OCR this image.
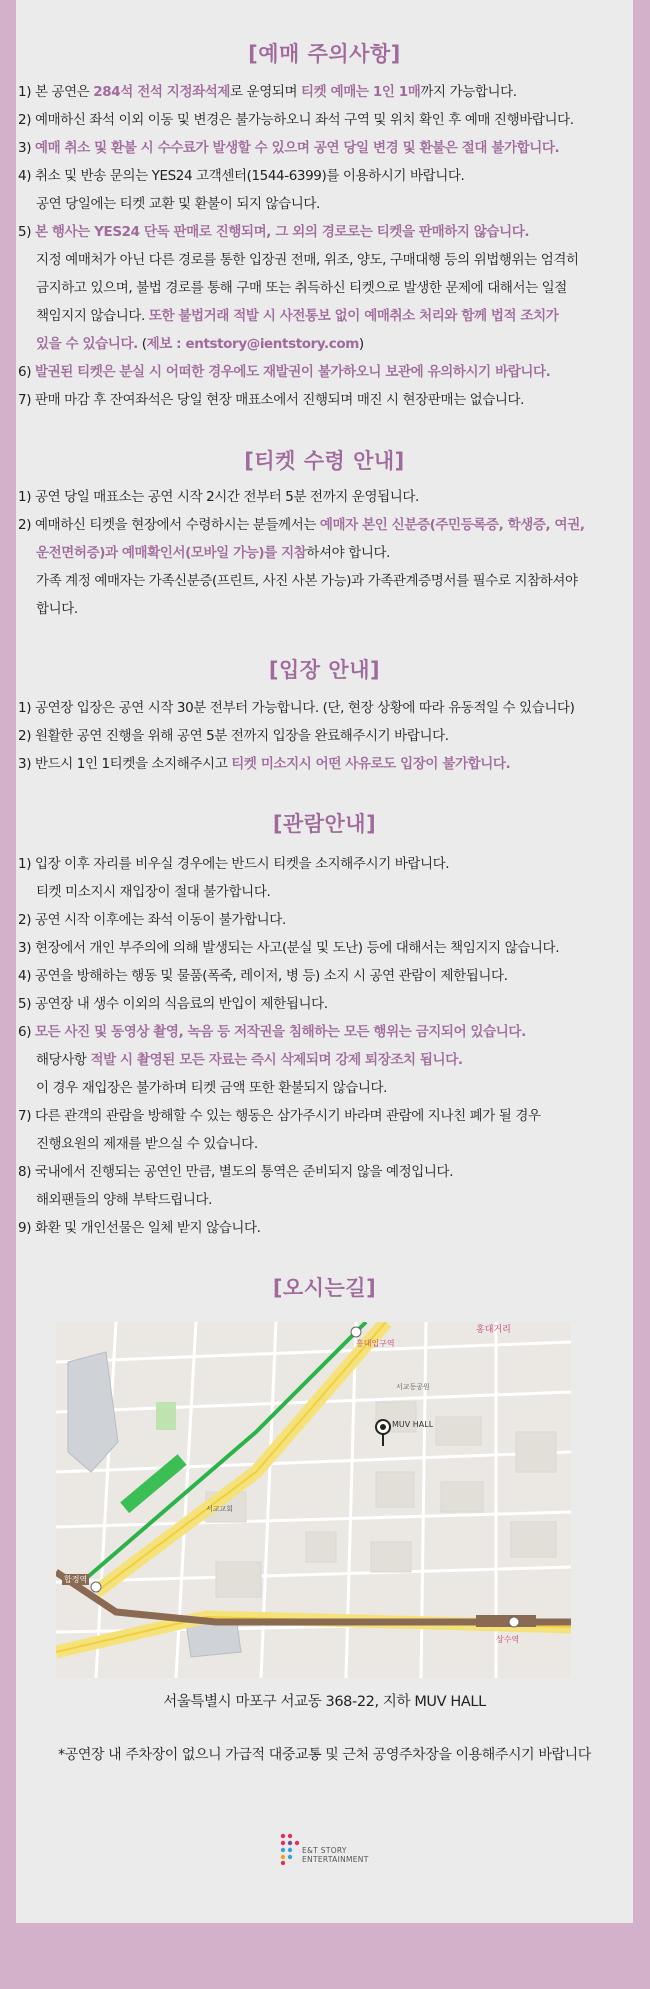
[예매 주의사항]
1) 본 공연은 284석 전석 지정좌석제로 운영되며 티켓 예매는 1인 1매까지 가능합니다.
2) 예매하신 좌석 이외 이동 및 변경은 불가능하오니 좌석 구역 및 위치 확인 후 예매 진행바랍니다.
3) 예매 취소 및 환불 시 수수료가 발생할 수 있으며 공연 당일 변경 및 환불은 절대 불가합니다.
4) 취소 및 반송 문의는 YES24 고객센터(1544-6399)를 이용하시기 바랍니다.
공연 당일에는 티켓 교환 및 환불이 되지 않습니다.
5) 본 행사는 YES24 단독 판매로 진행되며, 그 외의 경로로는 티켓을 판매하지 않습니다.
지정 예매처가 아닌 다른 경로를 통한 입장권 전매, 위조, 양도, 구매대행 등의 위법행위는 엄격히
금지하고 있으며, 불법 경로를 통해 구매 또는 취득하신 티켓으로 발생한 문제에 대해서는 일절
책임지지 않습니다. 또한 불법거래 적발 시 사전통보 없이 예매취소 처리와 함께 법적 조치가
있을 수 있습니다. (제보 : entstory@ientstory.com)
6) 발권된 티켓은 분실 시 어떠한 경우에도 재발권이 불가하오니 보관에 유의하시기 바랍니다.
7) 판매 마감 후 잔여좌석은 당일 현장 매표소에서 진행되며 매진 시 현장판매는 없습니다.
[티켓 수령 안내]
1) 공연 당일 매표소는 공연 시작 2시간 전부터 5분 전까지 운영됩니다.
2) 예매하신 티켓을 현장에서 수령하시는 분들께서는 예매자 본인 신분증(주민등록증, 학생증, 여권,
운전면허증)과 예매확인서(모바일 가능)를 지참하셔야 합니다.
가족 계정 예매자는 가족신분증(프린트, 사진 사본 가능)과 가족관계증명서를 필수로 지참하셔야
합니다.
[입장 안내]
1) 공연장 입장은 공연 시작 30분 전부터 가능합니다. (단, 현장 상황에 따라 유동적일 수 있습니다)
2) 원활한 공연 진행을 위해 공연 5분 전까지 입장을 완료해주시기 바랍니다.
3) 반드시 1인 1티켓을 소지해주시고 티켓 미소지시 어떤 사유로도 입장이 불가합니다.
[관람안내]
1) 입장 이후 자리를 비우실 경우에는 반드시 티켓을 소지해주시기 바랍니다.
티켓 미소지시 재입장이 절대 불가합니다.
2) 공연 시작 이후에는 좌석 이동이 불가합니다.
3) 현장에서 개인 부주의에 의해 발생되는 사고(분실 및 도난) 등에 대해서는 책임지지 않습니다.
4) 공연을 방해하는 행동 및 물품(폭죽, 레이저, 병 등) 소지 시 공연 관람이 제한됩니다.
5) 공연장 내 생수 이외의 식음료의 반입이 제한됩니다.
6) 모든 사진 및 동영상 촬영, 녹음 등 저작권을 침해하는 모든 행위는 금지되어 있습니다.
해당사항 적발 시 촬영된 모든 자료는 즉시 삭제되며 강제 퇴장조치 됩니다.
이 경우 재입장은 불가하며 티켓 금액 또한 환불되지 않습니다.
7) 다른 관객의 관람을 방해할 수 있는 행동은 삼가주시기 바라며 관람에 지나친 폐가 될 경우
진행요원의 제재를 받으실 수 있습니다.
8) 국내에서 진행되는 공연인 만큼, 별도의 통역은 준비되지 않을 예정입니다.
해외팬들의 양해 부탁드립니다.
9) 화환 및 개인선물은 일체 받지 않습니다.
[오시는길]
합정역
홍대입구역
상수역
홍대거리
MUV HALL
서교동공원
서교교회
서울특별시 마포구 서교동 368-22, 지하 MUV HALL
*공연장 내 주차장이 없으니 가급적 대중교통 및 근처 공영주차장을 이용해주시기 바랍니다
E&T STORY
ENTERTAINMENT
